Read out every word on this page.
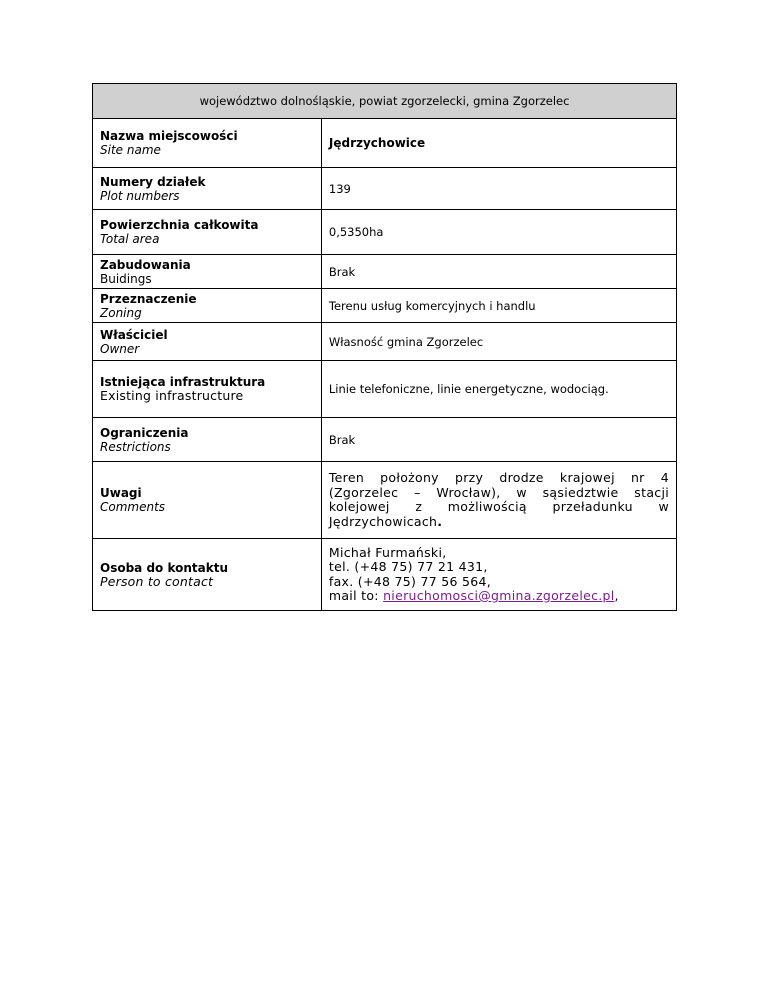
województwo dolnośląskie, powiat zgorzelecki, gmina Zgorzelec	

Nazwa miejscowości
Site name	Jędrzychowice

Numery działek
Plot numbers	139

Powierzchnia całkowita
Total area	0,5350ha

Zabudowania
Buidings	Brak

Przeznaczenie
Zoning	Terenu usług komercyjnych i handlu

Właściciel
Owner	Własność gmina Zgorzelec

Istniejąca infrastruktura
Existing infrastructure	Linie telefoniczne, linie energetyczne, wodociąg.

Ograniczenia
Restrictions	Brak

Uwagi
Comments	Teren położony przy drodze krajowej nr 4 (Zgorzelec – Wrocław), w sąsiedztwie stacji kolejowej z możliwością przeładunku w Jędrzychowicach.

Osoba do kontaktu
Person to contact	Michał Furmański,
tel. (+48 75) 77 21 431,
fax. (+48 75) 77 56 564,
mail to: nieruchomosci@gmina.zgorzelec.pl,
